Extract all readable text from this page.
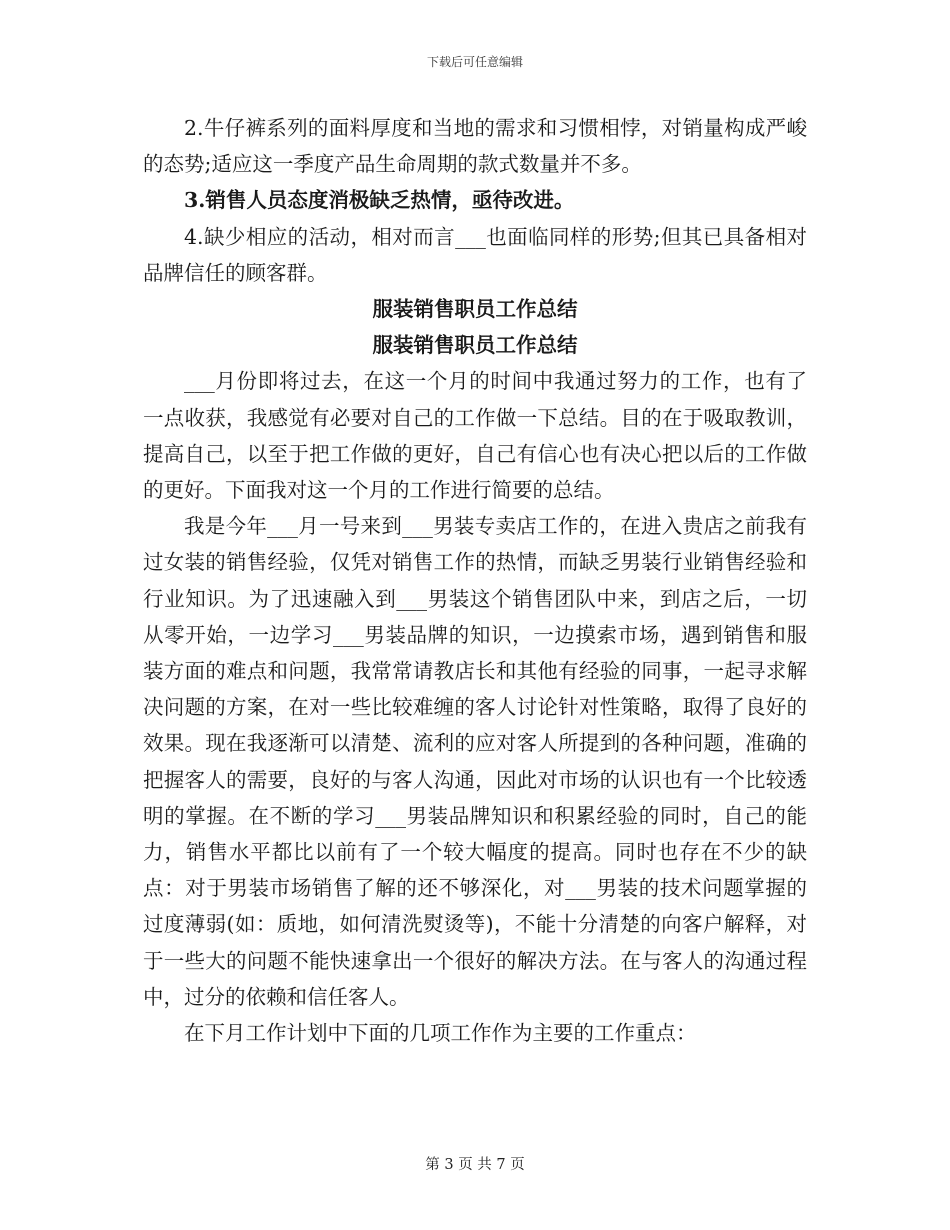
下载后可任意编辑

2.牛仔裤系列的面料厚度和当地的需求和习惯相悖，对销量构成严峻的态势;适应这一季度产品生命周期的款式数量并不多。

3.销售人员态度消极缺乏热情，亟待改进。

4.缺少相应的活动，相对而言___也面临同样的形势;但其已具备相对品牌信任的顾客群。

服装销售职员工作总结
服装销售职员工作总结

___月份即将过去，在这一个月的时间中我通过努力的工作，也有了一点收获，我感觉有必要对自己的工作做一下总结。目的在于吸取教训，提高自己，以至于把工作做的更好，自己有信心也有决心把以后的工作做的更好。下面我对这一个月的工作进行简要的总结。

我是今年___月一号来到___男装专卖店工作的，在进入贵店之前我有过女装的销售经验，仅凭对销售工作的热情，而缺乏男装行业销售经验和行业知识。为了迅速融入到___男装这个销售团队中来，到店之后，一切从零开始，一边学习___男装品牌的知识，一边摸索市场，遇到销售和服装方面的难点和问题，我常常请教店长和其他有经验的同事，一起寻求解决问题的方案，在对一些比较难缠的客人讨论针对性策略，取得了良好的效果。现在我逐渐可以清楚、流利的应对客人所提到的各种问题，准确的把握客人的需要，良好的与客人沟通，因此对市场的认识也有一个比较透明的掌握。在不断的学习___男装品牌知识和积累经验的同时，自己的能力，销售水平都比以前有了一个较大幅度的提高。同时也存在不少的缺点：对于男装市场销售了解的还不够深化，对___男装的技术问题掌握的过度薄弱(如：质地，如何清洗熨烫等)，不能十分清楚的向客户解释，对于一些大的问题不能快速拿出一个很好的解决方法。在与客人的沟通过程中，过分的依赖和信任客人。

在下月工作计划中下面的几项工作作为主要的工作重点：

第 3 页 共 7 页
